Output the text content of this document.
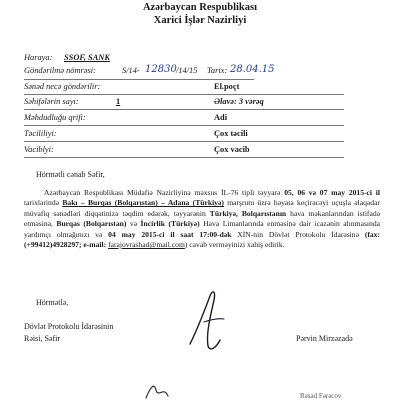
Azərbaycan Respublikası
Xarici İşlər Nazirliyi
Haraya: SSOF, SANK
Göndərilmə nömrəsi:	S/14- 12830 /14/15 Tarix: 28.04.15
Sənəd necə göndərilir:	El.poçt
Səhifələrin sayı:	1	Əlavə: 3 vərəq
Məhdudluğu qrifi:	Adi
Təcililiyi:	Çox təcili
Vaciblyi:	Çox vacib
Hörmətli cənab Səfir,
Azərbaycan Respublikası Müdafiə Nazirliyinə məxsus İL-76 tipli təyyarə 05, 06 və 07 may 2015-ci il tarixlərində Bakı – Burqas (Bolqarıstan) – Adana (Türkiyə) marşrutu üzrə həyata keçirəcəyi uçuşla əlaqədar müvafiq sənədləri diqqətinizə təqdim edərək, təyyarənin Türkiyə, Bolqarıstanın hava məkanlarından istifadə etməsinə, Burqas (Bolqarıstan) və İncirlik (Türkiyə) Hava Limanlarında enməsinə dair icazənin alınmasında yardımçı olmağınızı və 04 may 2015-ci il saat 17:00-dək XİN-nin Dövlət Protokolu İdarəsinə (fax: (+99412)4928297; e-mail: farajovrashad@mail.com) cavab verməyinizi xahiş edirik.
Hörmətlə,
Dövlət Protokolu İdarəsinin
Rəisi, Səfir	Pərvin Mirzəzadə
Rəsad Fərəcov
